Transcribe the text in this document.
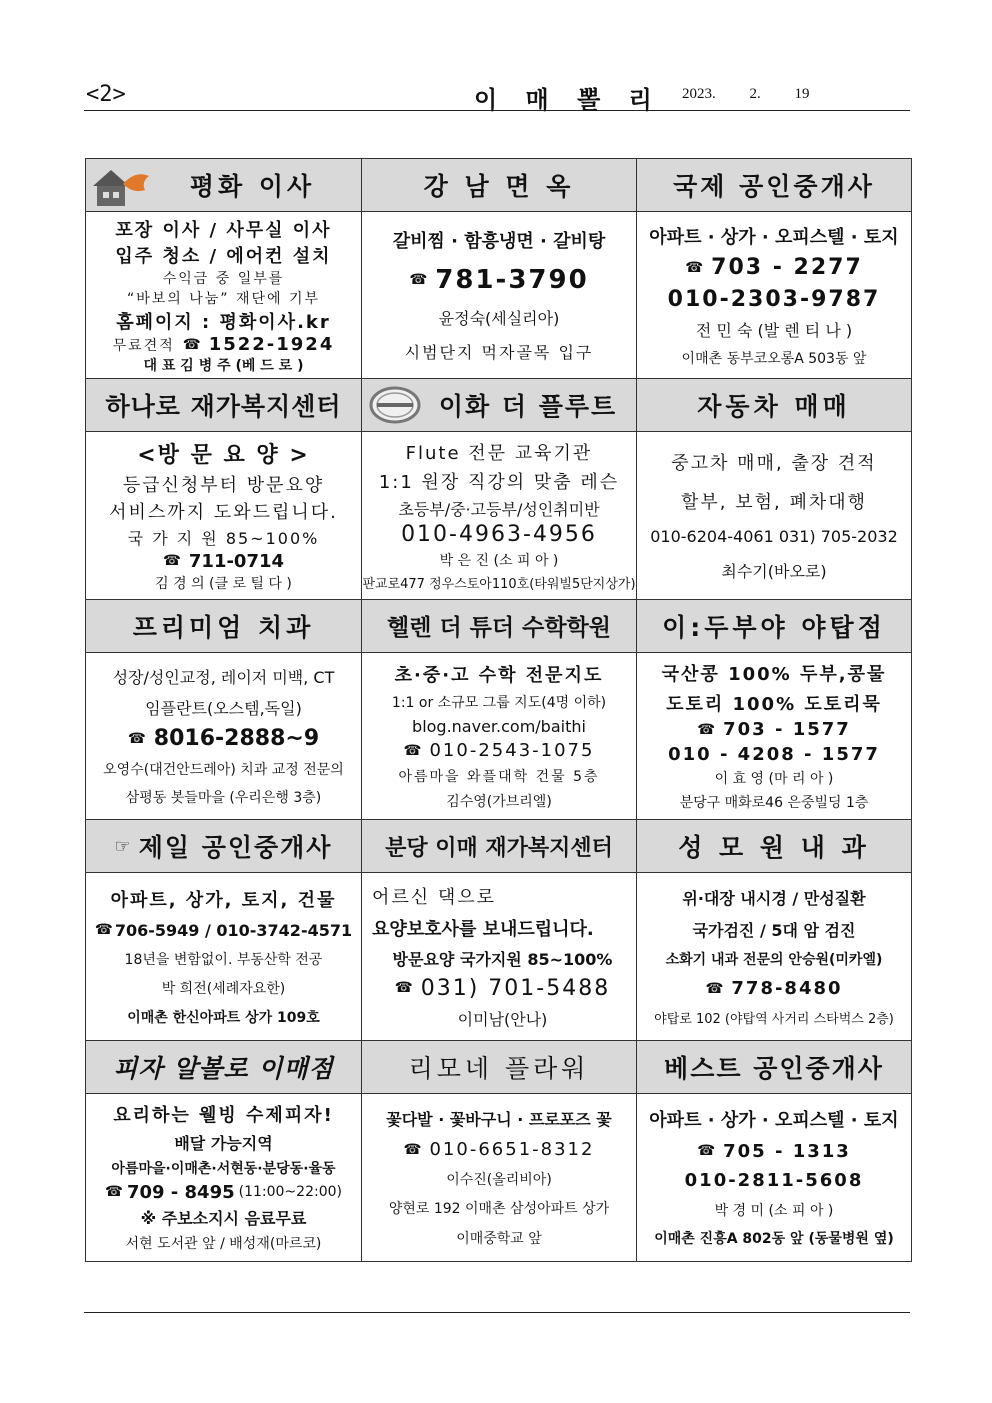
<2>	이 매 뽈 리 2023. 2. 19
평화 이사
포장 이사 / 사무실 이사
입주 청소 / 에어컨 설치
수익금 중 일부를
“바보의 나눔” 재단에 기부
홈페이지 : 평화이사.kr
무료견적 ☎ 1522-1924
대 표 김 병 주 (베 드 로 )
강 남 면 옥
갈비찜 · 함흥냉면 · 갈비탕
☎ 781-3790
윤정숙(세실리아)
시범단지 먹자골목 입구
국제 공인중개사
아파트 · 상가 · 오피스텔 · 토지
☎ 703 - 2277
010-2303-9787
전 민 숙 (발 렌 티 나 )
이매촌 동부코오롱A 503동 앞
하나로 재가복지센터
<방 문 요 양 >
등급신청부터 방문요양
서비스까지 도와드립니다.
국 가 지 원 85~100%
☎ 711-0714
김 경 의 (클 로 틸 다 )
이화 더 플루트
Flute 전문 교육기관
1:1 원장 직강의 맞춤 레슨
초등부/중·고등부/성인취미반
010-4963-4956
박 은 진 (소 피 아 )
판교로477 정우스토아110호(타워빌5단지상가)
자동차 매매
중고차 매매, 출장 견적
할부, 보험, 폐차대행
010-6204-4061 031) 705-2032
최수기(바오로)
프리미엄 치과
성장/성인교정, 레이저 미백, CT
임플란트(오스템,독일)
☎ 8016-2888~9
오영수(대건안드레아) 치과 교정 전문의
삼평동 봇들마을 (우리은행 3층)
헬렌 더 튜더 수학학원
초·중·고 수학 전문지도
1:1 or 소규모 그룹 지도(4명 이하)
blog.naver.com/baithi
☎ 010-2543-1075
아름마을 와플대학 건물 5층
김수영(가브리엘)
이:두부야 야탑점
국산콩 100% 두부,콩물
도토리 100% 도토리묵
☎ 703 - 1577
010 - 4208 - 1577
이 효 영 (마 리 아 )
분당구 매화로46 은중빌딩 1층
☞ 제일 공인중개사
아파트, 상가, 토지, 건물
☎ 706-5949 / 010-3742-4571
18년을 변함없이. 부동산학 전공
박 희전(세례자요한)
이매촌 한신아파트 상가 109호
분당 이매 재가복지센터
어르신 댁으로
요양보호사를 보내드립니다.
방문요양 국가지원 85~100%
☎ 031) 701-5488
이미남(안나)
성 모 원 내 과
위·대장 내시경 / 만성질환
국가검진 / 5대 암 검진
소화기 내과 전문의 안승원(미카엘)
☎ 778-8480
야탑로 102 (야탑역 사거리 스타벅스 2층)
피자 알볼로 이매점
요리하는 웰빙 수제피자!
배달 가능지역
아름마을·이매촌·서현동·분당동·율동
☎ 709 - 8495 (11:00~22:00)
※ 주보소지시 음료무료
서현 도서관 앞 / 배성재(마르코)
리모네 플라워
꽃다발 · 꽃바구니 · 프로포즈 꽃
☎ 010-6651-8312
이수진(올리비아)
양현로 192 이매촌 삼성아파트 상가
이매중학교 앞
베스트 공인중개사
아파트 · 상가 · 오피스텔 · 토지
☎ 705 - 1313
010-2811-5608
박 경 미 (소 피 아 )
이매촌 진흥A 802동 앞 (동물병원 옆)
